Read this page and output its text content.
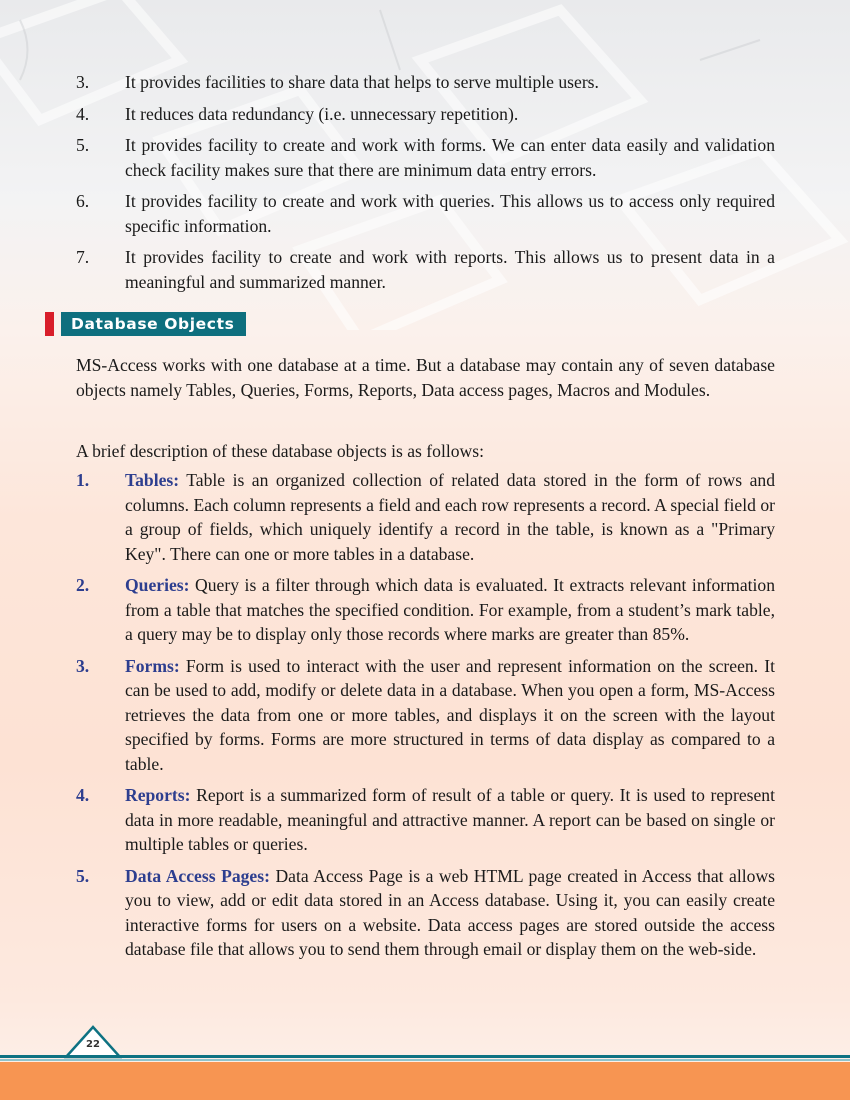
3.	It provides facilities to share data that helps to serve multiple users.
4.	It reduces data redundancy (i.e. unnecessary repetition).
5.	It provides facility to create and work with forms. We can enter data easily and validation check facility makes sure that there are minimum data entry errors.
6.	It provides facility to create and work with queries. This allows us to access only required specific information.
7.	It provides facility to create and work with reports. This allows us to present data in a meaningful and summarized manner.
Database Objects

MS-Access works with one database at a time. But a database may contain any of seven database objects namely Tables, Queries, Forms, Reports, Data access pages, Macros and Modules.

A brief description of these database objects is as follows:

1.	Tables: Table is an organized collection of related data stored in the form of rows and columns. Each column represents a field and each row represents a record. A special field or a group of fields, which uniquely identify a record in the table, is known as a "Primary Key". There can one or more tables in a database.
2.	Queries: Query is a filter through which data is evaluated. It extracts relevant information from a table that matches the specified condition. For example, from a student’s mark table, a query may be to display only those records where marks are greater than 85%.
3.	Forms: Form is used to interact with the user and represent information on the screen. It can be used to add, modify or delete data in a database. When you open a form, MS-Access retrieves the data from one or more tables, and displays it on the screen with the layout specified by forms. Forms are more structured in terms of data display as compared to a table.
4.	Reports: Report is a summarized form of result of a table or query. It is used to represent data in more readable, meaningful and attractive manner. A report can be based on single or multiple tables or queries.
5.	Data Access Pages: Data Access Page is a web HTML page created in Access that allows you to view, add or edit data stored in an Access database. Using it, you can easily create interactive forms for users on a website. Data access pages are stored outside the access database file that allows you to send them through email or display them on the web-side.
22
